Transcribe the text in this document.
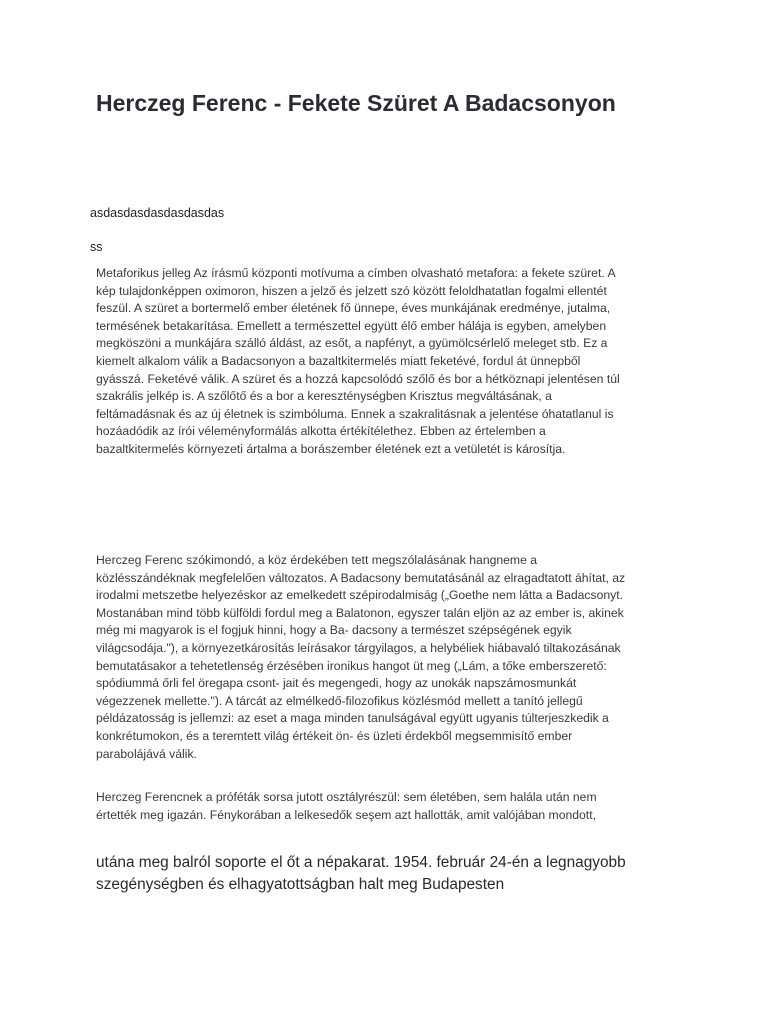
Herczeg Ferenc - Fekete Szüret A Badacsonyon
asdasdasdasdasdasdas
ss

Metaforikus jelleg Az írásmű központi motívuma a címben olvasható metafora: a fekete szüret. A kép tulajdonképpen oximoron, hiszen a jelző és jelzett szó között feloldhatatlan fogalmi ellentét feszül. A szüret a bortermelő ember életének fő ünnepe, éves munkájának eredménye, jutalma, termésének betakarítása. Emellett a természettel együtt élő ember hálája is egyben, amelyben megköszöni a munkájára szálló áldást, az esőt, a napfényt, a gyümölcsérlelő meleget stb. Ez a kiemelt alkalom válik a Badacsonyon a bazaltkitermelés miatt feketévé, fordul át ünnepből gyásszá. Feketévé válik. A szüret és a hozzá kapcsolódó szőlő és bor a hétköznapi jelentésen túl szakrális jelkép is. A szőlőtő és a bor a kereszténységben Krisztus megváltásának, a feltámadásnak és az új életnek is szimbóluma. Ennek a szakralitásnak a jelentése óhatatlanul is hozáadódik az írói véleményformálás alkotta értékítélethez. Ebben az értelemben a bazaltkitermelés környezeti ártalma a borászember életének ezt a vetületét is károsítja.

Herczeg Ferenc szókimondó, a köz érdekében tett megszólalásának hangneme a közlésszándéknak megfelelően változatos. A Badacsony bemutatásánál az elragadtatott áhítat, az irodalmi metszetbe helyezéskor az emelkedett szépirodalmiság („Goethe nem látta a Badacsonyt. Mostanában mind több külföldi fordul meg a Balatonon, egyszer talán eljön az az ember is, akinek még mi magyarok is el fogjuk hinni, hogy a Ba- dacsony a természet szépségének egyik világcsodája."), a környezetkárosítás leírásakor tárgyilagos, a helybéliek hiábavaló tiltakozásának bemutatásakor a tehetetlenség érzésében ironikus hangot üt meg („Lám, a tőke emberszerető: spódiummá őrli fel öregapa csont- jait és megengedi, hogy az unokák napszámosmunkát végezzenek mellette."). A tárcát az elmélkedő-filozofikus közlésmód mellett a tanító jellegű példázatosság is jellemzi: az eset a maga minden tanulságával együtt ugyanis túlterjeszkedik a konkrétumokon, és a teremtett világ értékeit ön- és üzleti érdekből megsemmisítő ember parabolájává válik.

Herczeg Ferencnek a próféták sorsa jutott osztályrészül: sem életében, sem halála után nem értették meg igazán. Fénykorában a lelkesedők seşem azt hallották, amit valójában mondott,

utána meg balról soporte el őt a népakarat. 1954. február 24-én a legnagyobb szegénységben és elhagyatottságban halt meg Budapesten
